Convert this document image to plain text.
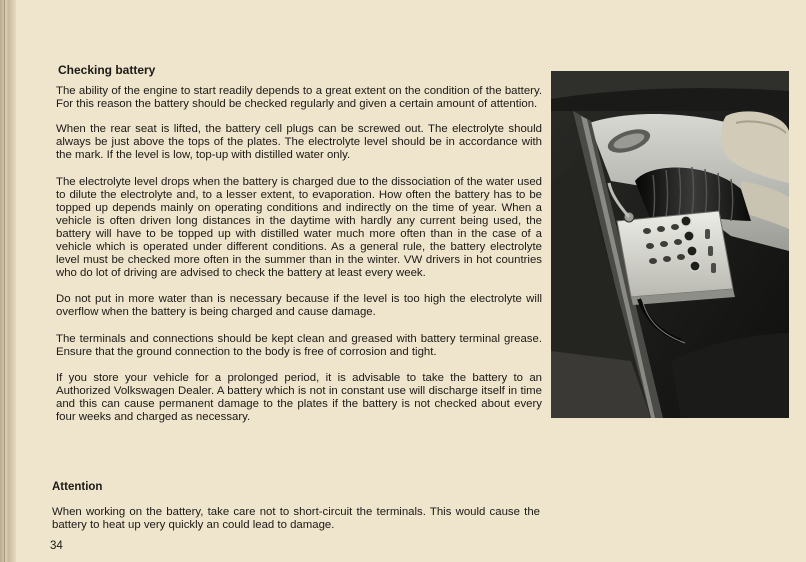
Checking battery

The ability of the engine to start readily depends to a great extent on the condition of the battery. For this reason the battery should be checked regularly and given a certain amount of attention.

When the rear seat is lifted, the battery cell plugs can be screwed out. The electrolyte should always be just above the tops of the plates. The electrolyte level should be in accordance with the mark. If the level is low, top-up with distilled water only.

The electrolyte level drops when the battery is charged due to the dissociation of the water used to dilute the electrolyte and, to a lesser extent, to evaporation. How often the battery has to be topped up depends mainly on operating conditions and indirectly on the time of year. When a vehicle is often driven long distances in the daytime with hardly any current being used, the battery will have to be topped up with distilled water much more often than in the case of a vehicle which is operated under different conditions. As a general rule, the battery electrolyte level must be checked more often in the summer than in the winter. VW drivers in hot countries who do lot of driving are advised to check the battery at least every week.

Do not put in more water than is necessary because if the level is too high the electrolyte will overflow when the battery is being charged and cause damage.

The terminals and connections should be kept clean and greased with battery terminal grease. Ensure that the ground connection to the body is free of corrosion and tight.

If you store your vehicle for a prolonged period, it is advisable to take the battery to an Authorized Volkswagen Dealer. A battery which is not in constant use will discharge itself in time and this can cause permanent damage to the plates if the battery is not checked about every four weeks and charged as necessary.

Attention
When working on the battery, take care not to short-circuit the terminals. This would cause the battery to heat up very quickly an could lead to damage.
34
